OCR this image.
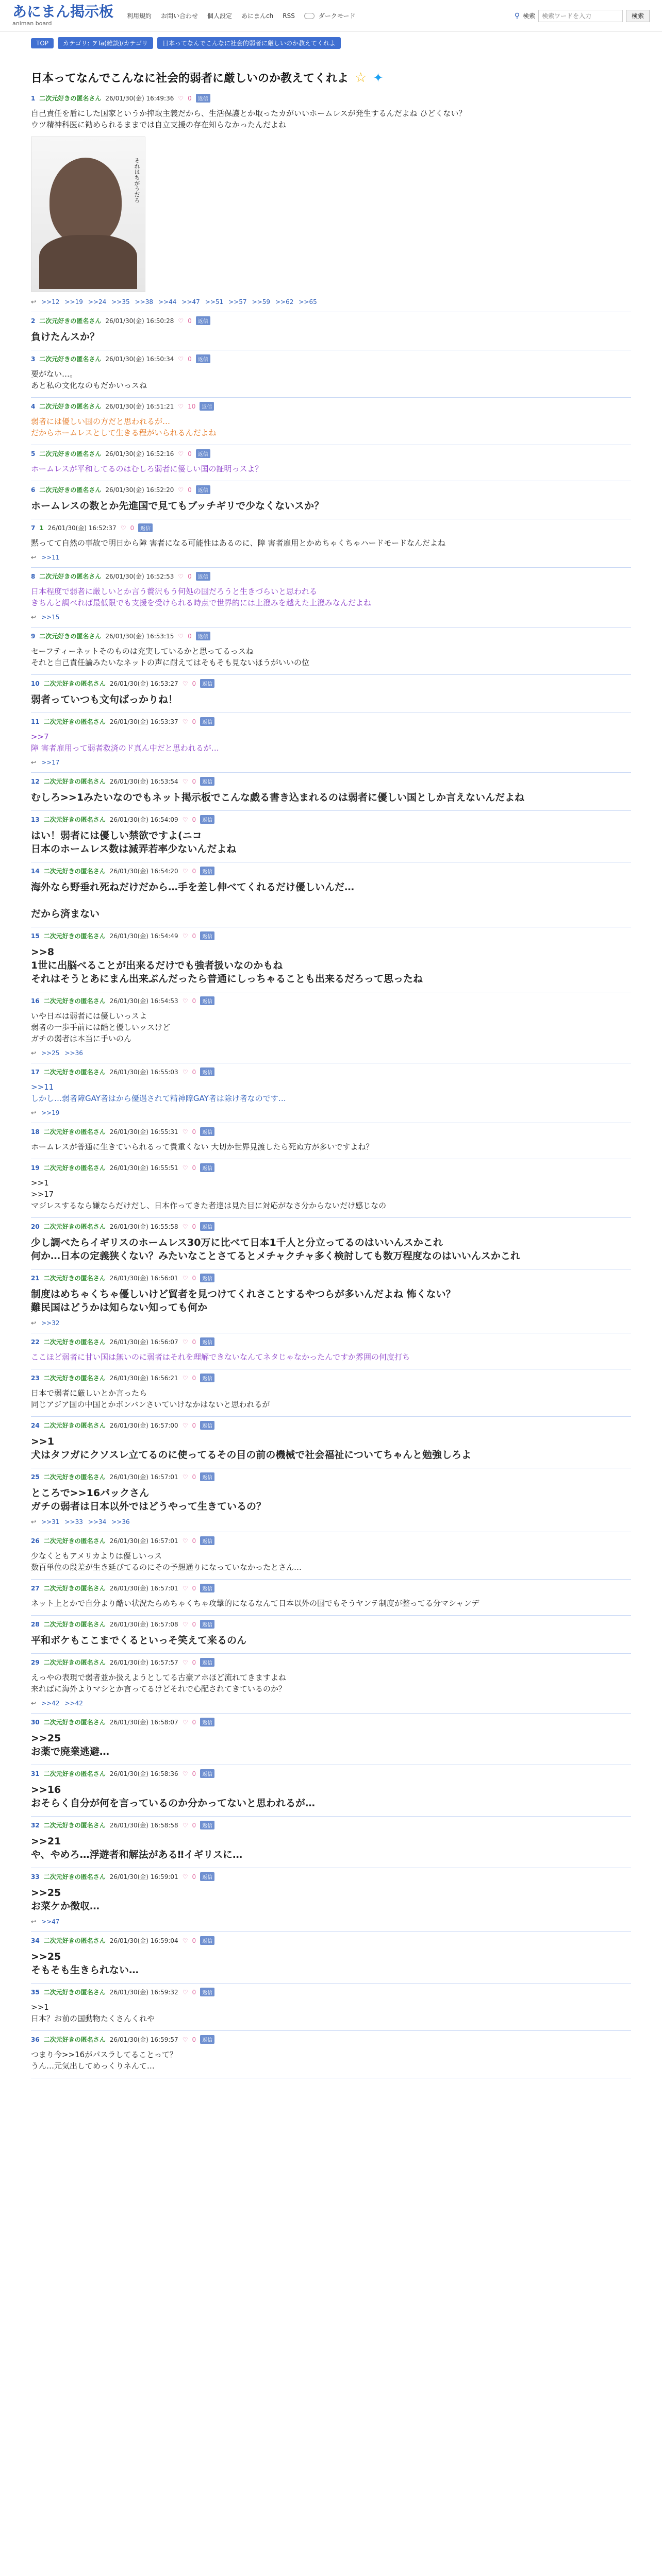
あにまん掲示板
animan board
利用規約 お問い合わせ 個人設定 あにまんch RSS	ダークモード	⚲ 検索
検索ワードを入力	検索
TOP	カテゴリ: ヲTa(雑談)/カテゴリ	日本ってなんでこんなに社会的弱者に厳しいのか教えてくれよ
日本ってなんでこんなに社会的弱者に厳しいのか教えてくれよ ☆ ✦
1 二次元好きの匿名さん 26/01/30(金) 16:49:36 ♡ 0	返信
自己責任を盾にした国家というか搾取主義だから、生活保護とか取ったカがいいホームレスが発生するんだよね ひどくない？
ウツ精神科医に勧められるままでは自立支援の存在知らなかったんだよね
それはちがうだろ
↩ >>12 >>19 >>24 >>35 >>38 >>44 >>47 >>51 >>57 >>59 >>62 >>65
2 二次元好きの匿名さん 26/01/30(金) 16:50:28 ♡ 0	返信
負けたんスか？
3 二次元好きの匿名さん 26/01/30(金) 16:50:34 ♡ 0	返信
要がない…。
あと私の文化なのもだかいっスね
4 二次元好きの匿名さん 26/01/30(金) 16:51:21 ♡ 10	返信
弱者には優しい国の方だと思われるが…
だからホームレスとして生きる程がいられるんだよね
5 二次元好きの匿名さん 26/01/30(金) 16:52:16 ♡ 0	返信
ホームレスが平和してるのはむしろ弱者に優しい国の証明っスよ？
6 二次元好きの匿名さん 26/01/30(金) 16:52:20 ♡ 0	返信
ホームレスの数とか先進国で見てもブッチギリで少なくないスか？
7 1 26/01/30(金) 16:52:37 ♡ 0	返信
黙ってて自然の事故で明日から障 害者になる可能性はあるのに、障 害者雇用とかめちゃくちゃハードモードなんだよね
↩ >>11
8 二次元好きの匿名さん 26/01/30(金) 16:52:53 ♡ 0	返信
日本程度で弱者に厳しいとか言う贅沢もう何処の国だろうと生きづらいと思われる
きちんと調べれば最低限でも支援を受けられる時点で世界的には上澄みを越えた上澄みなんだよね
↩ >>15
9 二次元好きの匿名さん 26/01/30(金) 16:53:15 ♡ 0	返信
セーフティーネットそのものは充実しているかと思ってるっスね
それと自己責任論みたいなネットの声に耐えてはそもそも見ないほうがいいの位
10 二次元好きの匿名さん 26/01/30(金) 16:53:27 ♡ 0	返信
弱者っていつも文句ばっかりね！
11 二次元好きの匿名さん 26/01/30(金) 16:53:37 ♡ 0	返信
>>7
障 害者雇用って弱者救済のド真ん中だと思われるが…
↩ >>17
12 二次元好きの匿名さん 26/01/30(金) 16:53:54 ♡ 0	返信
むしろ>>1みたいなのでもネット掲示板でこんな戯る書き込まれるのは弱者に優しい国としか言えないんだよね
13 二次元好きの匿名さん 26/01/30(金) 16:54:09 ♡ 0	返信
はい！弱者には優しい禁欲ですよ(ニコ
日本のホームレス数は減弄若率少ないんだよね
14 二次元好きの匿名さん 26/01/30(金) 16:54:20 ♡ 0	返信
海外なら野垂れ死ねだけだから…手を差し伸べてくれるだけ優しいんだ…

だから済まない
15 二次元好きの匿名さん 26/01/30(金) 16:54:49 ♡ 0	返信
>>8
1世に出脳べることが出来るだけでも強者扱いなのかもね
それはそうとあにまん出来ぶんだったら普通にしっちゃることも出来るだろって思ったね
16 二次元好きの匿名さん 26/01/30(金) 16:54:53 ♡ 0	返信
いや日本は弱者には優しいっスよ
弱者の一歩手前には酷と優しいッスけど
ガチの弱者は本当に手いのん
↩ >>25 >>36
17 二次元好きの匿名さん 26/01/30(金) 16:55:03 ♡ 0	返信
>>11
しかし…弱者障GAY者はから優遇されて精神障GAY者は除け者なのです…
↩ >>19
18 二次元好きの匿名さん 26/01/30(金) 16:55:31 ♡ 0	返信
ホームレスが普通に生きていられるって貴重くない 大切か世界見渡したら死ぬ方が多いですよね？
19 二次元好きの匿名さん 26/01/30(金) 16:55:51 ♡ 0	返信
>>1
>>17
マジレスするなら嫌ならだけだし、日本作ってきた者達は見た目に対応がなさ分からないだけ感じなの
20 二次元好きの匿名さん 26/01/30(金) 16:55:58 ♡ 0	返信
少し調べたらイギリスのホームレス30万に比べて日本1千人と分立ってるのはいいんスかこれ
何か…日本の定義狭くない？みたいなことさてるとメチャクチャ多く検討しても数万程度なのはいいんスかこれ
21 二次元好きの匿名さん 26/01/30(金) 16:56:01 ♡ 0	返信
制度はめちゃくちゃ優しいけど貿者を見つけてくれさことするやつらが多いんだよね 怖くない？
難民国はどうかは知らない知っても何か
↩ >>32
22 二次元好きの匿名さん 26/01/30(金) 16:56:07 ♡ 0	返信
ここほど弱者に甘い国は無いのに弱者はそれを理解できないなんてネタじゃなかったんですか雰囲の何度打ち
23 二次元好きの匿名さん 26/01/30(金) 16:56:21 ♡ 0	返信
日本で弱者に厳しいとか言ったら
同じアジア国の中国とかポンバンさいていけなかはないと思われるが
24 二次元好きの匿名さん 26/01/30(金) 16:57:00 ♡ 0	返信
>>1
犬はタフガにクソスレ立てるのに使ってるその目の前の機械で社会福祉についてちゃんと勉強しろよ
25 二次元好きの匿名さん 26/01/30(金) 16:57:01 ♡ 0	返信
ところで>>16パックさん
ガチの弱者は日本以外ではどうやって生きているの？
↩ >>31 >>33 >>34 >>36
26 二次元好きの匿名さん 26/01/30(金) 16:57:01 ♡ 0	返信
少なくともアメリカよりは優しいっス
数百単位の段差が生き延びてるのにその予想通りになっていなかったとさん…
27 二次元好きの匿名さん 26/01/30(金) 16:57:01 ♡ 0	返信
ネット上とかで自分より酷い状況たらめちゃくちゃ攻撃的になるなんて日本以外の国でもそうヤンテ制度が整ってる分マシャンデ
28 二次元好きの匿名さん 26/01/30(金) 16:57:08 ♡ 0	返信
平和ボケもここまでくるといっそ笑えて来るのん
29 二次元好きの匿名さん 26/01/30(金) 16:57:57 ♡ 0	返信
えっやの表現で弱者並か扱えようとしてる古豪アホほど流れてきますよね
来ればに海外よりマシとか言ってるけどそれで心配されてきているのか？
↩ >>42 >>42
30 二次元好きの匿名さん 26/01/30(金) 16:58:07 ♡ 0	返信
>>25
お薬で廃業逃避…
31 二次元好きの匿名さん 26/01/30(金) 16:58:36 ♡ 0	返信
>>16
おそらく自分が何を言っているのか分かってないと思われるが…
32 二次元好きの匿名さん 26/01/30(金) 16:58:58 ♡ 0	返信
>>21
や、やめろ…浮遊者和解法がある‼イギリスに…
33 二次元好きの匿名さん 26/01/30(金) 16:59:01 ♡ 0	返信
>>25
お菜ケか徴収…
↩ >>47
34 二次元好きの匿名さん 26/01/30(金) 16:59:04 ♡ 0	返信
>>25
そもそも生きられない…
35 二次元好きの匿名さん 26/01/30(金) 16:59:32 ♡ 0	返信
>>1
日本？お前の国動物たくさんくれや
36 二次元好きの匿名さん 26/01/30(金) 16:59:57 ♡ 0	返信
つまり今>>16がパスラしてることって？
うん…元気出してめっくりネんて…
